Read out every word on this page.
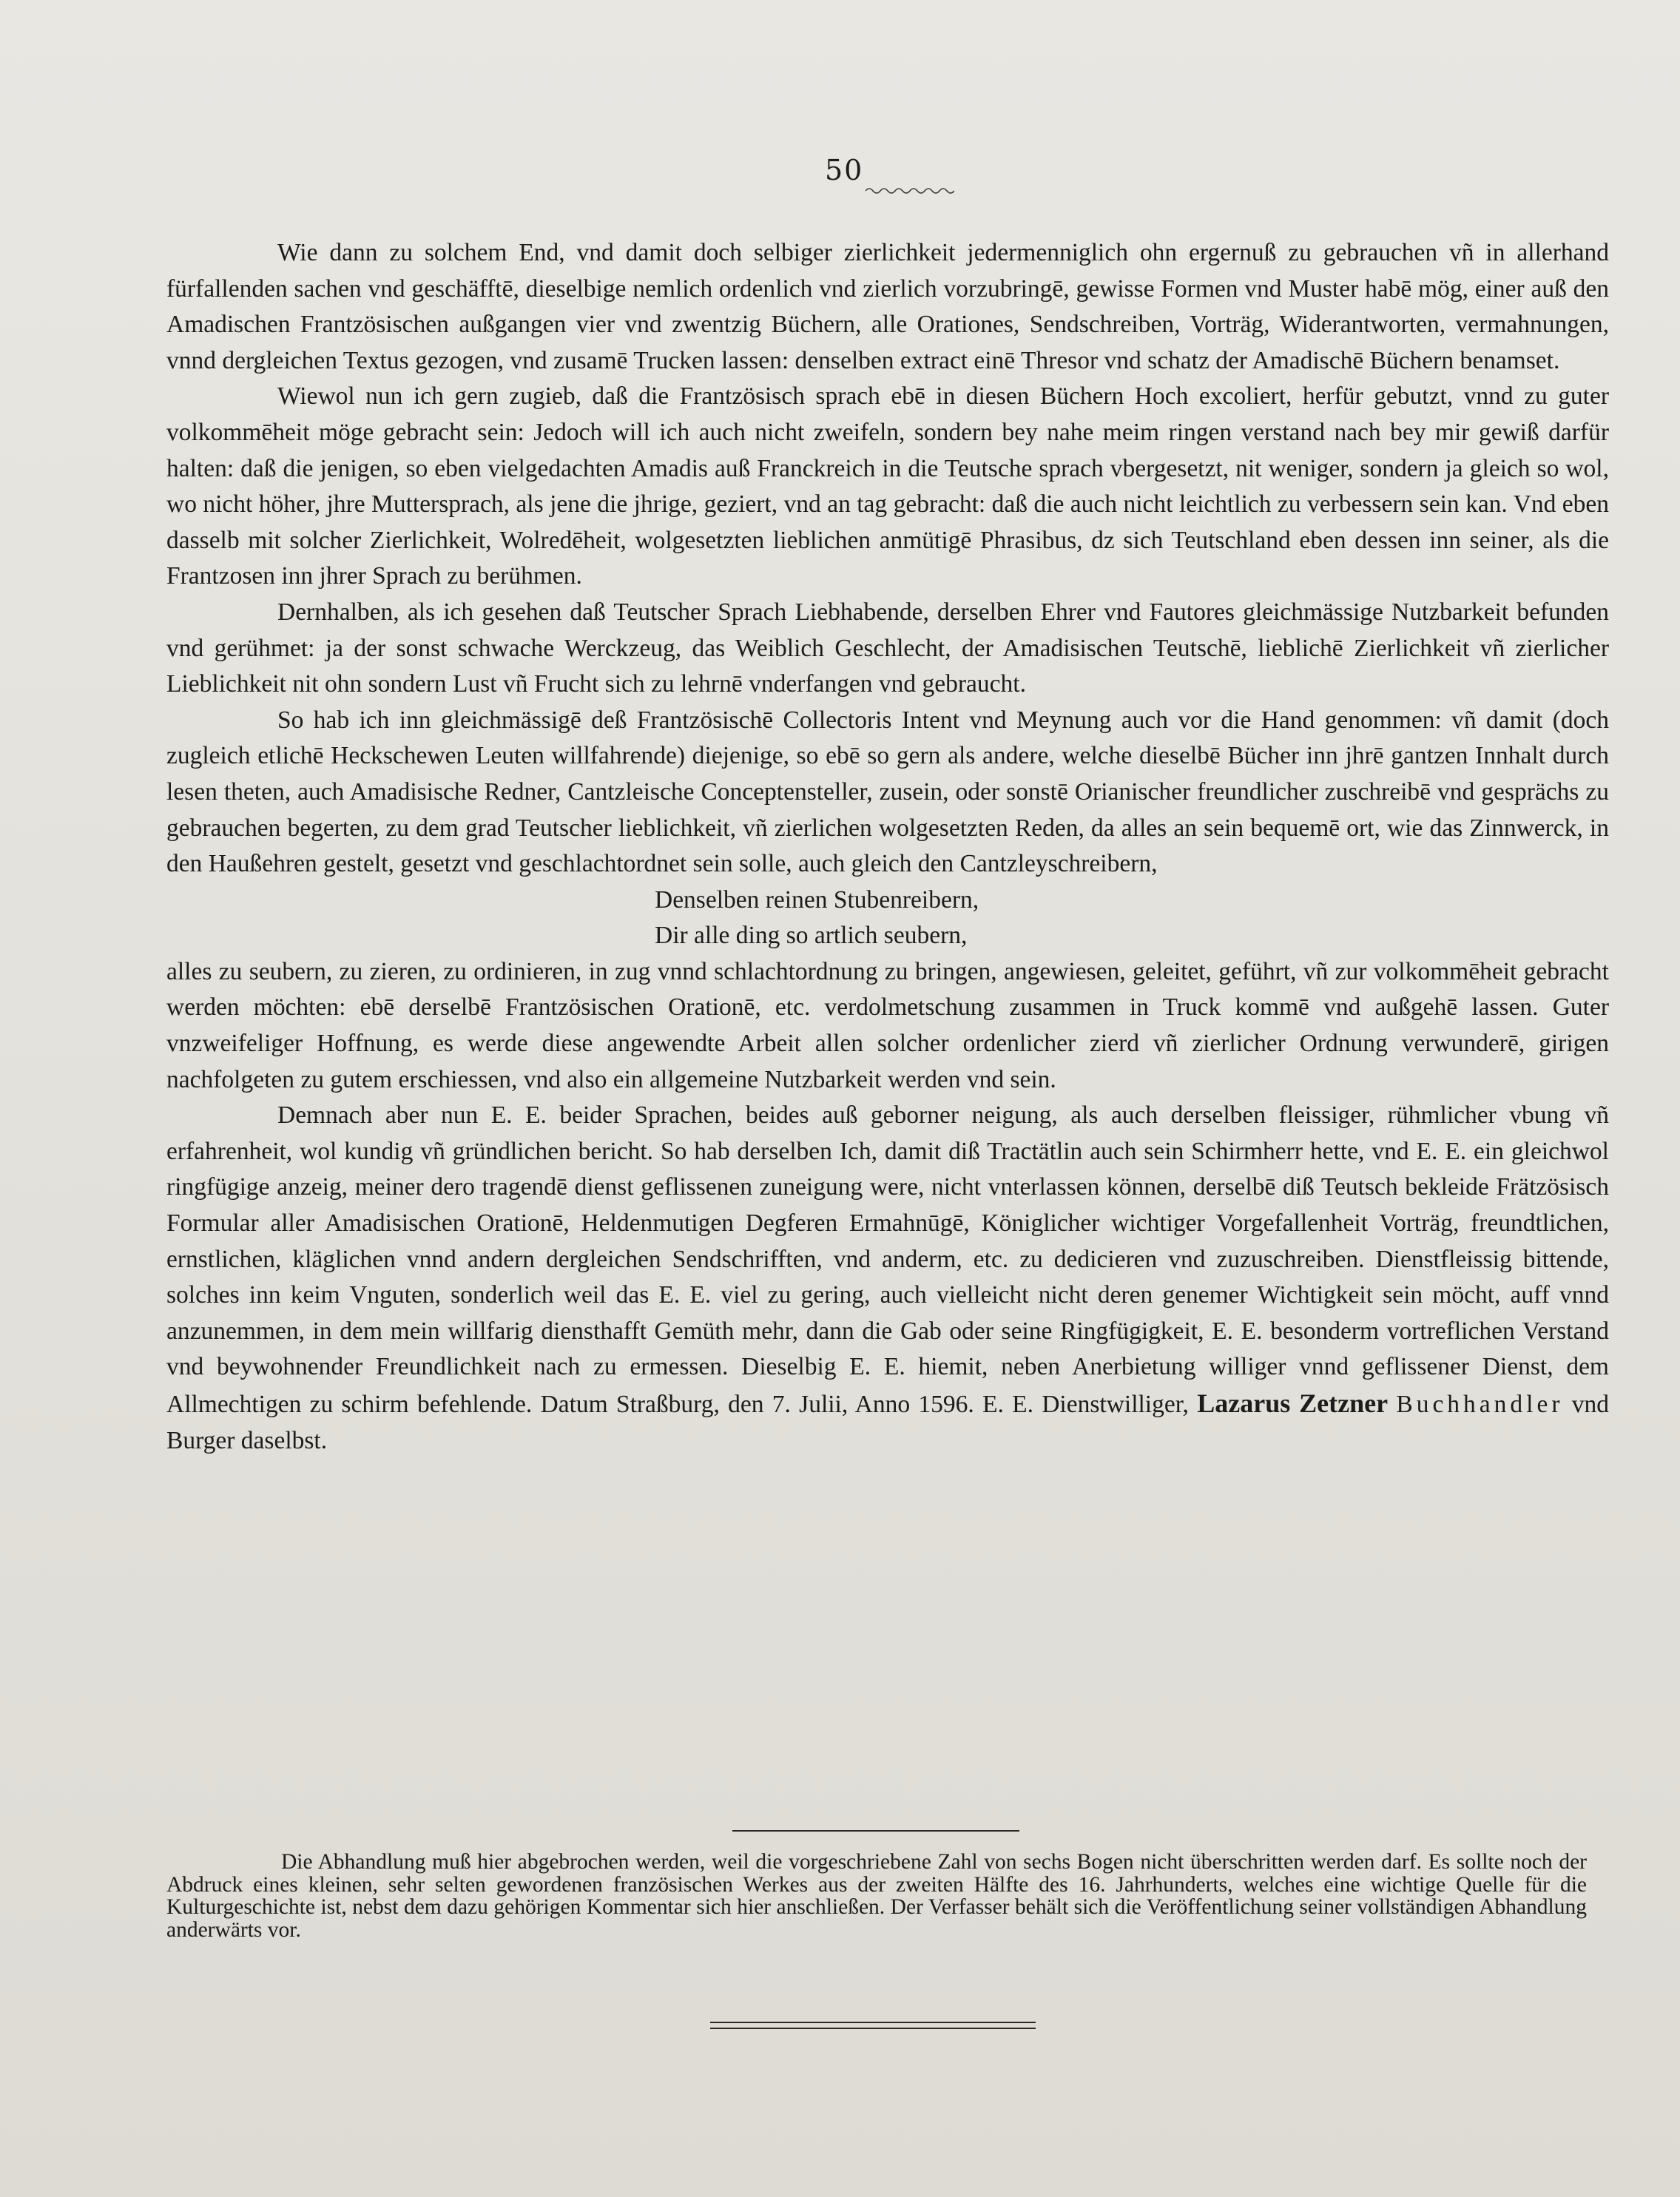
50

Wie dann zu solchem End, vnd damit doch selbiger zierlichkeit jedermenniglich ohn ergernuß zu gebrauchen vñ in allerhand fürfallenden sachen vnd geschäfftē, dieselbige nemlich ordenlich vnd zierlich vorzubringē, gewisse Formen vnd Muster habē mög, einer auß den Amadischen Frantzösischen außgangen vier vnd zwentzig Büchern, alle Orationes, Sendschreiben, Vorträg, Widerantworten, vermahnungen, vnnd dergleichen Textus gezogen, vnd zusamē Trucken lassen: denselben extract einē Thresor vnd schatz der Amadischē Büchern benamset.

Wiewol nun ich gern zugieb, daß die Frantzösisch sprach ebē in diesen Büchern Hoch excoliert, herfür gebutzt, vnnd zu guter volkommēheit möge gebracht sein: Jedoch will ich auch nicht zweifeln, sondern bey nahe meim ringen verstand nach bey mir gewiß darfür halten: daß die jenigen, so eben vielgedachten Amadis auß Franckreich in die Teutsche sprach vbergesetzt, nit weniger, sondern ja gleich so wol, wo nicht höher, jhre Muttersprach, als jene die jhrige, geziert, vnd an tag gebracht: daß die auch nicht leichtlich zu verbessern sein kan. Vnd eben dasselb mit solcher Zierlichkeit, Wolredēheit, wolgesetzten lieblichen anmütigē Phrasibus, dz sich Teutschland eben dessen inn seiner, als die Frantzosen inn jhrer Sprach zu berühmen.

Dernhalben, als ich gesehen daß Teutscher Sprach Liebhabende, derselben Ehrer vnd Fautores gleichmässige Nutzbarkeit befunden vnd gerühmet: ja der sonst schwache Werckzeug, das Weiblich Geschlecht, der Amadisischen Teutschē, lieblichē Zierlichkeit vñ zierlicher Lieblichkeit nit ohn sondern Lust vñ Frucht sich zu lehrnē vnderfangen vnd gebraucht.

So hab ich inn gleichmässigē deß Frantzösischē Collectoris Intent vnd Meynung auch vor die Hand genommen: vñ damit (doch zugleich etlichē Heckschewen Leuten willfahrende) diejenige, so ebē so gern als andere, welche dieselbē Bücher inn jhrē gantzen Innhalt durch lesen theten, auch Amadisische Redner, Cantzleische Conceptensteller, zusein, oder sonstē Orianischer freundlicher zuschreibē vnd gesprächs zu gebrauchen begerten, zu dem grad Teutscher lieblichkeit, vñ zierlichen wolgesetzten Reden, da alles an sein bequemē ort, wie das Zinnwerck, in den Haußehren gestelt, gesetzt vnd geschlachtordnet sein solle, auch gleich den Cantzleyschreibern,

Denselben reinen Stubenreibern,

Dir alle ding so artlich seubern,

alles zu seubern, zu zieren, zu ordinieren, in zug vnnd schlachtordnung zu bringen, angewiesen, geleitet, geführt, vñ zur volkommēheit gebracht werden möchten: ebē derselbē Frantzösischen Orationē, etc. verdolmetschung zusammen in Truck kommē vnd außgehē lassen. Guter vnzweifeliger Hoffnung, es werde diese angewendte Arbeit allen solcher ordenlicher zierd vñ zierlicher Ordnung verwunderē, girigen nachfolgeten zu gutem erschiessen, vnd also ein allgemeine Nutzbarkeit werden vnd sein.

Demnach aber nun E. E. beider Sprachen, beides auß geborner neigung, als auch derselben fleissiger, rühmlicher vbung vñ erfahrenheit, wol kundig vñ gründlichen bericht. So hab derselben Ich, damit diß Tractätlin auch sein Schirmherr hette, vnd E. E. ein gleichwol ringfügige anzeig, meiner dero tragendē dienst geflissenen zuneigung were, nicht vnterlassen können, derselbē diß Teutsch bekleide Frätzösisch Formular aller Amadisischen Orationē, Heldenmutigen Degferen Ermahnūgē, Königlicher wichtiger Vorgefallenheit Vorträg, freundtlichen, ernstlichen, kläglichen vnnd andern dergleichen Sendschrifften, vnd anderm, etc. zu dedicieren vnd zuzuschreiben. Dienstfleissig bittende, solches inn keim Vnguten, sonderlich weil das E. E. viel zu gering, auch vielleicht nicht deren genemer Wichtigkeit sein möcht, auff vnnd anzunemmen, in dem mein willfarig diensthafft Gemüth mehr, dann die Gab oder seine Ringfügigkeit, E. E. besonderm vortreflichen Verstand vnd beywohnender Freundlichkeit nach zu ermessen. Dieselbig E. E. hiemit, neben Anerbietung williger vnnd geflissener Dienst, dem Allmechtigen zu schirm befehlende. Datum Straßburg, den 7. Julii, Anno 1596. E. E. Dienstwilliger, Lazarus Zetzner Buchhandler vnd Burger daselbst.

Die Abhandlung muß hier abgebrochen werden, weil die vorgeschriebene Zahl von sechs Bogen nicht überschritten werden darf. Es sollte noch der Abdruck eines kleinen, sehr selten gewordenen französischen Werkes aus der zweiten Hälfte des 16. Jahrhunderts, welches eine wichtige Quelle für die Kulturgeschichte ist, nebst dem dazu gehörigen Kommentar sich hier anschließen. Der Verfasser behält sich die Veröffentlichung seiner vollständigen Abhandlung anderwärts vor.
